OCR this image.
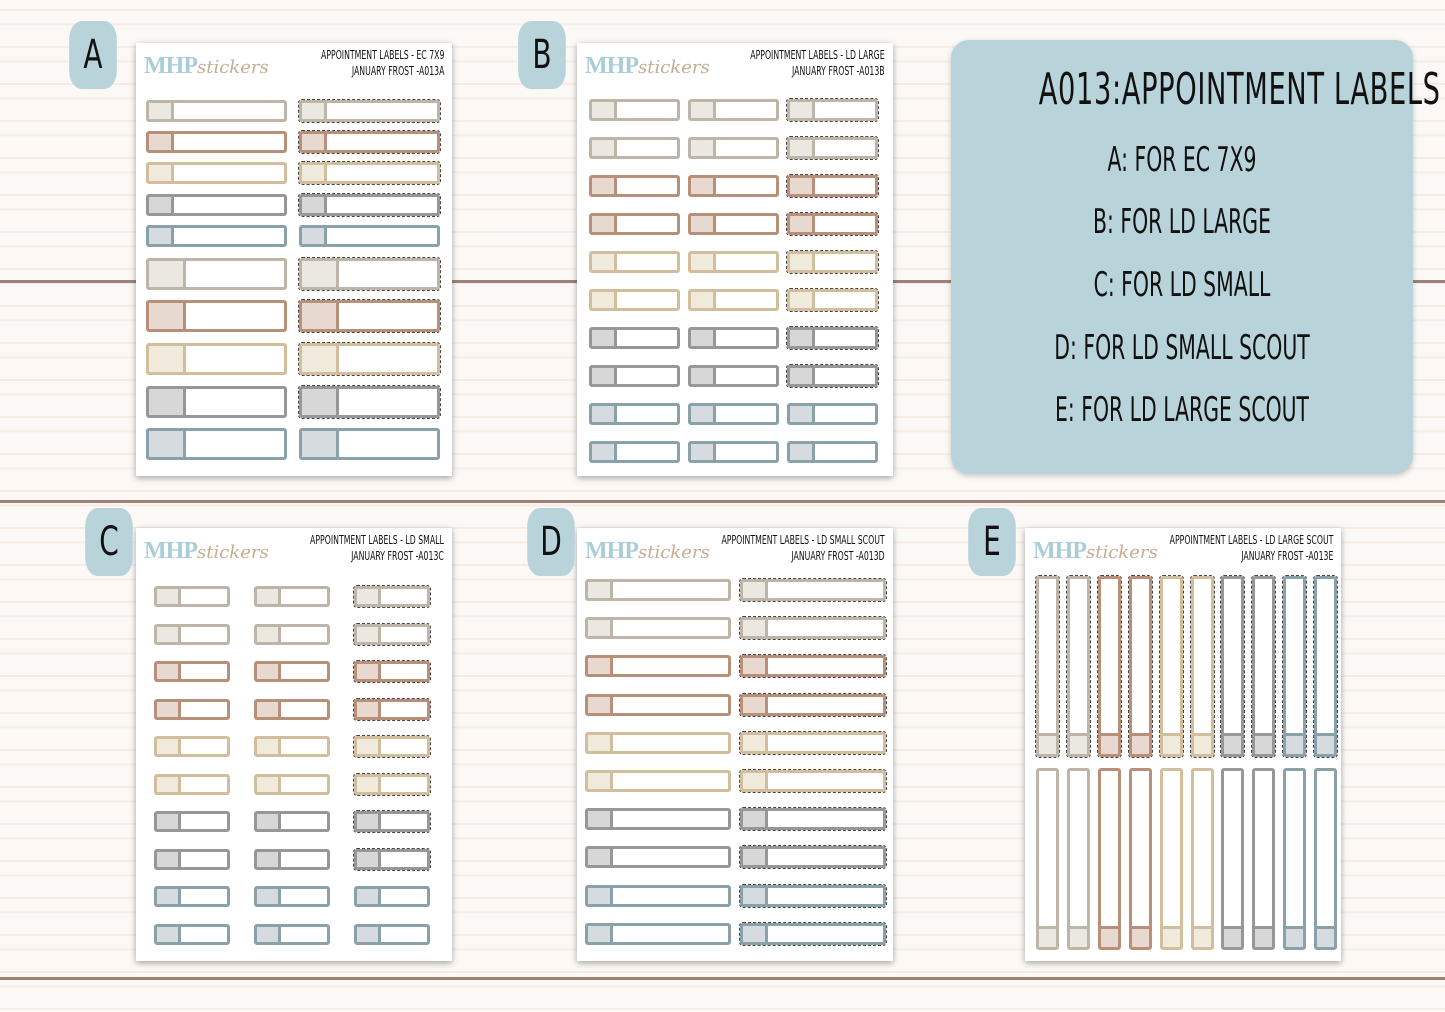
MHPstickers
APPOINTMENT LABELS - EC 7X9
JANUARY FROST -A013A
A	MHPstickers
APPOINTMENT LABELS - LD LARGE
JANUARY FROST -A013B
B
A013:APPOINTMENT LABELS
A: FOR EC 7X9
B: FOR LD LARGE
C: FOR LD SMALL
D: FOR LD SMALL SCOUT
E: FOR LD LARGE SCOUT
MHPstickers
APPOINTMENT LABELS - LD SMALL
JANUARY FROST -A013C
C	MHPstickers
APPOINTMENT LABELS - LD SMALL SCOUT
JANUARY FROST -A013D
D	MHPstickers
APPOINTMENT LABELS - LD LARGE SCOUT
JANUARY FROST -A013E
E
